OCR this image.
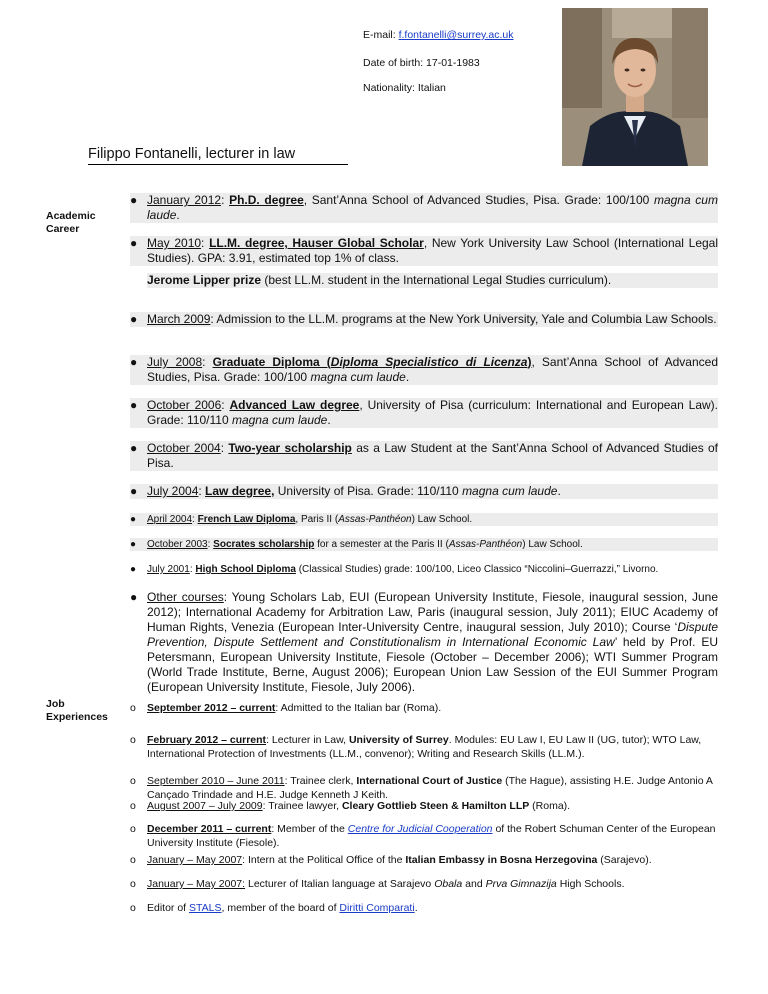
E-mail: f.fontanelli@surrey.ac.uk
Date of birth: 17-01-1983
Nationality: Italian
Filippo Fontanelli, lecturer in law
Academic
Career
● January 2012: Ph.D. degree, Sant’Anna School of Advanced Studies, Pisa. Grade: 100/100 magna cum laude.
● May 2010: LL.M. degree, Hauser Global Scholar, New York University Law School (International Legal Studies). GPA: 3.91, estimated top 1% of class.
Jerome Lipper prize (best LL.M. student in the International Legal Studies curriculum).
● March 2009: Admission to the LL.M. programs at the New York University, Yale and Columbia Law Schools.
● July 2008: Graduate Diploma (Diploma Specialistico di Licenza), Sant’Anna School of Advanced Studies, Pisa. Grade: 100/100 magna cum laude.
● October 2006: Advanced Law degree, University of Pisa (curriculum: International and European Law). Grade: 110/110 magna cum laude.
● October 2004: Two-year scholarship as a Law Student at the Sant’Anna School of Advanced Studies of Pisa.
● July 2004: Law degree, University of Pisa. Grade: 110/110 magna cum laude.
● April 2004: French Law Diploma, Paris II (Assas-Panthéon) Law School.
● October 2003: Socrates scholarship for a semester at the Paris II (Assas-Panthéon) Law School.
● July 2001: High School Diploma (Classical Studies) grade: 100/100, Liceo Classico “Niccolini–Guerrazzi,” Livorno.
● Other courses: Young Scholars Lab, EUI (European University Institute, Fiesole, inaugural session, June 2012); International Academy for Arbitration Law, Paris (inaugural session, July 2011); EIUC Academy of Human Rights, Venezia (European Inter-University Centre, inaugural session, July 2010); Course ‘Dispute Prevention, Dispute Settlement and Constitutionalism in International Economic Law’ held by Prof. EU Petersmann, European University Institute, Fiesole (October – December 2006); WTI Summer Program (World Trade Institute, Berne, August 2006); European Union Law Session of the EUI Summer Program (European University Institute, Fiesole, July 2006).
Job
Experiences
o September 2012 – current: Admitted to the Italian bar (Roma).
o February 2012 – current: Lecturer in Law, University of Surrey. Modules: EU Law I, EU Law II (UG, tutor); WTO Law, International Protection of Investments (LL.M., convenor); Writing and Research Skills (LL.M.).
o September 2010 – June 2011: Trainee clerk, International Court of Justice (The Hague), assisting H.E. Judge Antonio A Cançado Trindade and H.E. Judge Kenneth J Keith.
o August 2007 – July 2009: Trainee lawyer, Cleary Gottlieb Steen & Hamilton LLP (Roma).
o December 2011 – current: Member of the Centre for Judicial Cooperation of the Robert Schuman Center of the European University Institute (Fiesole).
o January – May 2007: Intern at the Political Office of the Italian Embassy in Bosna Herzegovina (Sarajevo).
o January – May 2007: Lecturer of Italian language at Sarajevo Obala and Prva Gimnazija High Schools.
o Editor of STALS, member of the board of Diritti Comparati.
